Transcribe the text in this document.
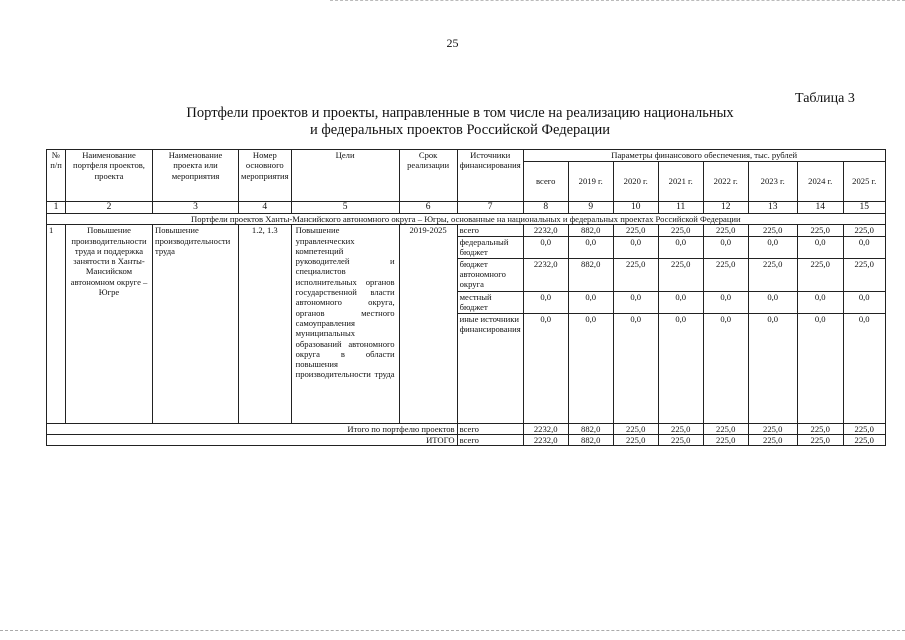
25
Таблица 3
Портфели проектов и проекты, направленные в том числе на реализацию национальных
и федеральных проектов Российской Федерации
№ п/п	Наименование портфеля проектов, проекта	Наименование проекта или мероприятия	Номер основного мероприятия	Цели	Срок реализации	Источники финансирования	Параметры финансового обеспечения, тыс. рублей							
							всего	2019 г.	2020 г.	2021 г.	2022 г.	2023 г.	2024 г.	2025 г.
1	2	3	4	5	6	7	8	9	10	11	12	13	14	15
Портфели проектов Ханты-Мансийского автономного округа – Югры, основанные на национальных и федеральных проектах Российской Федерации														
1	Повышение производительности труда и поддержка занятости в Ханты-Мансийском автономном округе – Югре	Повышение производительности труда	1.2, 1.3	Повышение управленческих компетенций руководителей и специалистов исполнительных органов государственной власти автономного округа, органов местного самоуправления муниципальных образований автономного округа в области повышения производительности труда	2019-2025	всего	2232,0	882,0	225,0	225,0	225,0	225,0	225,0	225,0
						федеральный бюджет	0,0	0,0	0,0	0,0	0,0	0,0	0,0	0,0
						бюджет автономного округа	2232,0	882,0	225,0	225,0	225,0	225,0	225,0	225,0
						местный бюджет	0,0	0,0	0,0	0,0	0,0	0,0	0,0	0,0
						иные источники финансирования	0,0	0,0	0,0	0,0	0,0	0,0	0,0	0,0
Итого по портфелю проектов						всего	2232,0	882,0	225,0	225,0	225,0	225,0	225,0	225,0
ИТОГО						всего	2232,0	882,0	225,0	225,0	225,0	225,0	225,0	225,0
